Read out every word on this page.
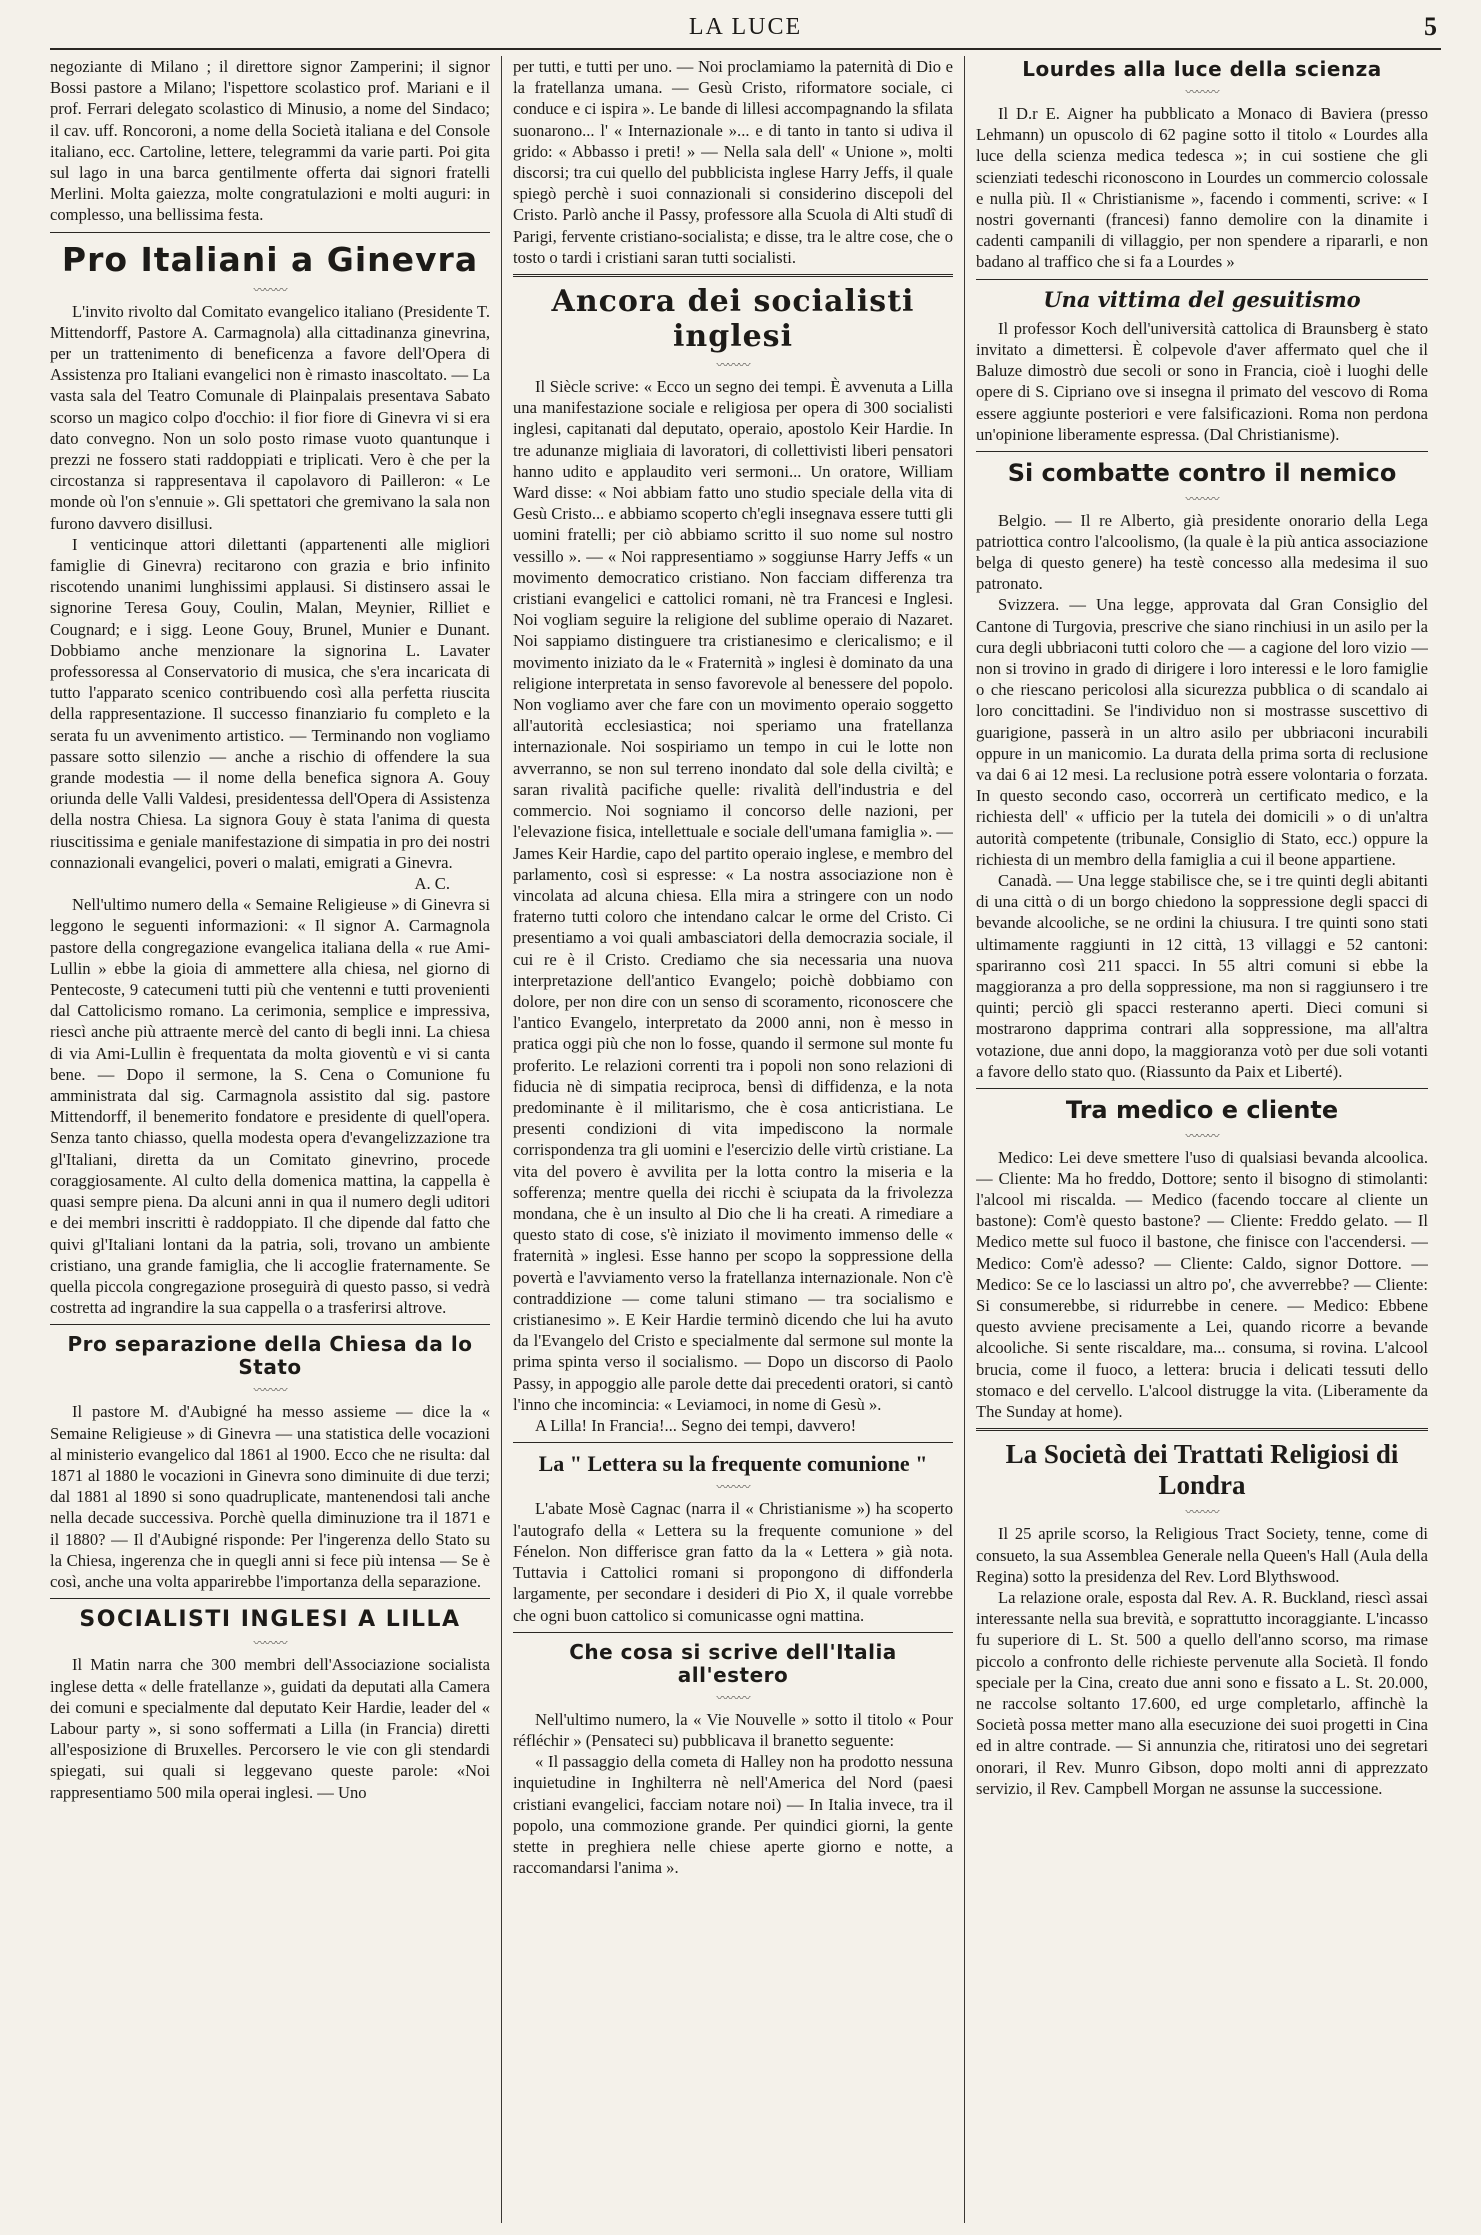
LA LUCE	5

negoziante di Milano ; il direttore signor Zamperini; il signor Bossi pastore a Milano; l'ispettore scolastico prof. Mariani e il prof. Ferrari delegato scolastico di Minusio, a nome del Sindaco; il cav. uff. Roncoroni, a nome della Società italiana e del Console italiano, ecc. Cartoline, lettere, telegrammi da varie parti. Poi gita sul lago in una barca gentilmente offerta dai signori fratelli Merlini. Molta gaiezza, molte congratulazioni e molti auguri: in complesso, una bellissima festa.

Pro Italiani a Ginevra
〰〰〰

L'invito rivolto dal Comitato evangelico italiano (Presidente T. Mittendorff, Pastore A. Carmagnola) alla cittadinanza ginevrina, per un trattenimento di beneficenza a favore dell'Opera di Assistenza pro Italiani evangelici non è rimasto inascoltato. — La vasta sala del Teatro Comunale di Plainpalais presentava Sabato scorso un magico colpo d'occhio: il fior fiore di Ginevra vi si era dato convegno. Non un solo posto rimase vuoto quantunque i prezzi ne fossero stati raddoppiati e triplicati. Vero è che per la circostanza si rappresentava il capolavoro di Pailleron: « Le monde où l'on s'ennuie ». Gli spettatori che gremivano la sala non furono davvero disillusi.

I venticinque attori dilettanti (appartenenti alle migliori famiglie di Ginevra) recitarono con grazia e brio infinito riscotendo unanimi lunghissimi applausi. Si distinsero assai le signorine Teresa Gouy, Coulin, Malan, Meynier, Rilliet e Cougnard; e i sigg. Leone Gouy, Brunel, Munier e Dunant. Dobbiamo anche menzionare la signorina L. Lavater professoressa al Conservatorio di musica, che s'era incaricata di tutto l'apparato scenico contribuendo così alla perfetta riuscita della rappresentazione. Il successo finanziario fu completo e la serata fu un avvenimento artistico. — Terminando non vogliamo passare sotto silenzio — anche a rischio di offendere la sua grande modestia — il nome della benefica signora A. Gouy oriunda delle Valli Valdesi, presidentessa dell'Opera di Assistenza della nostra Chiesa. La signora Gouy è stata l'anima di questa riuscitissima e geniale manifestazione di simpatia in pro dei nostri connazionali evangelici, poveri o malati, emigrati a Ginevra.

A. C.

Nell'ultimo numero della « Semaine Religieuse » di Ginevra si leggono le seguenti informazioni: « Il signor A. Carmagnola pastore della congregazione evangelica italiana della « rue Ami-Lullin » ebbe la gioia di ammettere alla chiesa, nel giorno di Pentecoste, 9 catecumeni tutti più che ventenni e tutti provenienti dal Cattolicismo romano. La cerimonia, semplice e impressiva, riescì anche più attraente mercè del canto di begli inni. La chiesa di via Ami-Lullin è frequentata da molta gioventù e vi si canta bene. — Dopo il sermone, la S. Cena o Comunione fu amministrata dal sig. Carmagnola assistito dal sig. pastore Mittendorff, il benemerito fondatore e presidente di quell'opera. Senza tanto chiasso, quella modesta opera d'evangelizzazione tra gl'Italiani, diretta da un Comitato ginevrino, procede coraggiosamente. Al culto della domenica mattina, la cappella è quasi sempre piena. Da alcuni anni in qua il numero degli uditori e dei membri inscritti è raddoppiato. Il che dipende dal fatto che quivi gl'Italiani lontani da la patria, soli, trovano un ambiente cristiano, una grande famiglia, che li accoglie fraternamente. Se quella piccola congregazione proseguirà di questo passo, si vedrà costretta ad ingrandire la sua cappella o a trasferirsi altrove.

Pro separazione della Chiesa da lo Stato
〰〰〰

Il pastore M. d'Aubigné ha messo assieme — dice la « Semaine Religieuse » di Ginevra — una statistica delle vocazioni al ministerio evangelico dal 1861 al 1900. Ecco che ne risulta: dal 1871 al 1880 le vocazioni in Ginevra sono diminuite di due terzi; dal 1881 al 1890 si sono quadruplicate, mantenendosi tali anche nella decade successiva. Porchè quella diminuzione tra il 1871 e il 1880? — Il d'Aubigné risponde: Per l'ingerenza dello Stato su la Chiesa, ingerenza che in quegli anni si fece più intensa — Se è così, anche una volta apparirebbe l'importanza della separazione.

SOCIALISTI INGLESI A LILLA
〰〰〰

Il Matin narra che 300 membri dell'Associazione socialista inglese detta « delle fratellanze », guidati da deputati alla Camera dei comuni e specialmente dal deputato Keir Hardie, leader del « Labour party », si sono soffermati a Lilla (in Francia) diretti all'esposizione di Bruxelles. Percorsero le vie con gli stendardi spiegati, sui quali si leggevano queste parole: «Noi rappresentiamo 500 mila operai inglesi. — Uno

per tutti, e tutti per uno. — Noi proclamiamo la paternità di Dio e la fratellanza umana. — Gesù Cristo, riformatore sociale, ci conduce e ci ispira ». Le bande di lillesi accompagnando la sfilata suonarono... l' « Internazionale »... e di tanto in tanto si udiva il grido: « Abbasso i preti! » — Nella sala dell' « Unione », molti discorsi; tra cui quello del pubblicista inglese Harry Jeffs, il quale spiegò perchè i suoi connazionali si considerino discepoli del Cristo. Parlò anche il Passy, professore alla Scuola di Alti studî di Parigi, fervente cristiano-socialista; e disse, tra le altre cose, che o tosto o tardi i cristiani saran tutti socialisti.

Ancora dei socialisti inglesi
〰〰〰

Il Siècle scrive: « Ecco un segno dei tempi. È avvenuta a Lilla una manifestazione sociale e religiosa per opera di 300 socialisti inglesi, capitanati dal deputato, operaio, apostolo Keir Hardie. In tre adunanze migliaia di lavoratori, di collettivisti liberi pensatori hanno udito e applaudito veri sermoni... Un oratore, William Ward disse: « Noi abbiam fatto uno studio speciale della vita di Gesù Cristo... e abbiamo scoperto ch'egli insegnava essere tutti gli uomini fratelli; per ciò abbiamo scritto il suo nome sul nostro vessillo ». — « Noi rappresentiamo » soggiunse Harry Jeffs « un movimento democratico cristiano. Non facciam differenza tra cristiani evangelici e cattolici romani, nè tra Francesi e Inglesi. Noi vogliam seguire la religione del sublime operaio di Nazaret. Noi sappiamo distinguere tra cristianesimo e clericalismo; e il movimento iniziato da le « Fraternità » inglesi è dominato da una religione interpretata in senso favorevole al benessere del popolo. Non vogliamo aver che fare con un movimento operaio soggetto all'autorità ecclesiastica; noi speriamo una fratellanza internazionale. Noi sospiriamo un tempo in cui le lotte non avverranno, se non sul terreno inondato dal sole della civiltà; e saran rivalità pacifiche quelle: rivalità dell'industria e del commercio. Noi sogniamo il concorso delle nazioni, per l'elevazione fisica, intellettuale e sociale dell'umana famiglia ». — James Keir Hardie, capo del partito operaio inglese, e membro del parlamento, così si espresse: « La nostra associazione non è vincolata ad alcuna chiesa. Ella mira a stringere con un nodo fraterno tutti coloro che intendano calcar le orme del Cristo. Ci presentiamo a voi quali ambasciatori della democrazia sociale, il cui re è il Cristo. Crediamo che sia necessaria una nuova interpretazione dell'antico Evangelo; poichè dobbiamo con dolore, per non dire con un senso di scoramento, riconoscere che l'antico Evangelo, interpretato da 2000 anni, non è messo in pratica oggi più che non lo fosse, quando il sermone sul monte fu proferito. Le relazioni correnti tra i popoli non sono relazioni di fiducia nè di simpatia reciproca, bensì di diffidenza, e la nota predominante è il militarismo, che è cosa anticristiana. Le presenti condizioni di vita impediscono la normale corrispondenza tra gli uomini e l'esercizio delle virtù cristiane. La vita del povero è avvilita per la lotta contro la miseria e la sofferenza; mentre quella dei ricchi è sciupata da la frivolezza mondana, che è un insulto al Dio che li ha creati. A rimediare a questo stato di cose, s'è iniziato il movimento immenso delle « fraternità » inglesi. Esse hanno per scopo la soppressione della povertà e l'avviamento verso la fratellanza internazionale. Non c'è contraddizione — come taluni stimano — tra socialismo e cristianesimo ». E Keir Hardie terminò dicendo che lui ha avuto da l'Evangelo del Cristo e specialmente dal sermone sul monte la prima spinta verso il socialismo. — Dopo un discorso di Paolo Passy, in appoggio alle parole dette dai precedenti oratori, si cantò l'inno che incomincia: « Leviamoci, in nome di Gesù ».

A Lilla! In Francia!... Segno dei tempi, davvero!

La " Lettera su la frequente comunione "
〰〰〰

L'abate Mosè Cagnac (narra il « Christianisme ») ha scoperto l'autografo della « Lettera su la frequente comunione » del Fénelon. Non differisce gran fatto da la « Lettera » già nota. Tuttavia i Cattolici romani si propongono di diffonderla largamente, per secondare i desideri di Pio X, il quale vorrebbe che ogni buon cattolico si comunicasse ogni mattina.

Che cosa si scrive dell'Italia all'estero
〰〰〰

Nell'ultimo numero, la « Vie Nouvelle » sotto il titolo « Pour réfléchir » (Pensateci su) pubblicava il branetto seguente:

« Il passaggio della cometa di Halley non ha prodotto nessuna inquietudine in Inghilterra nè nell'America del Nord (paesi cristiani evangelici, facciam notare noi) — In Italia invece, tra il popolo, una commozione grande. Per quindici giorni, la gente stette in preghiera nelle chiese aperte giorno e notte, a raccomandarsi l'anima ».

Lourdes alla luce della scienza
〰〰〰

Il D.r E. Aigner ha pubblicato a Monaco di Baviera (presso Lehmann) un opuscolo di 62 pagine sotto il titolo « Lourdes alla luce della scienza medica tedesca »; in cui sostiene che gli scienziati tedeschi riconoscono in Lourdes un commercio colossale e nulla più. Il « Christianisme », facendo i commenti, scrive: « I nostri governanti (francesi) fanno demolire con la dinamite i cadenti campanili di villaggio, per non spendere a ripararli, e non badano al traffico che si fa a Lourdes »

Una vittima del gesuitismo

Il professor Koch dell'università cattolica di Braunsberg è stato invitato a dimettersi. È colpevole d'aver affermato quel che il Baluze dimostrò due secoli or sono in Francia, cioè i luoghi delle opere di S. Cipriano ove si insegna il primato del vescovo di Roma essere aggiunte posteriori e vere falsificazioni. Roma non perdona un'opinione liberamente espressa. (Dal Christianisme).

Si combatte contro il nemico
〰〰〰

Belgio. — Il re Alberto, già presidente onorario della Lega patriottica contro l'alcoolismo, (la quale è la più antica associazione belga di questo genere) ha testè concesso alla medesima il suo patronato.

Svizzera. — Una legge, approvata dal Gran Consiglio del Cantone di Turgovia, prescrive che siano rinchiusi in un asilo per la cura degli ubbriaconi tutti coloro che — a cagione del loro vizio — non si trovino in grado di dirigere i loro interessi e le loro famiglie o che riescano pericolosi alla sicurezza pubblica o di scandalo ai loro concittadini. Se l'individuo non si mostrasse suscettivo di guarigione, passerà in un altro asilo per ubbriaconi incurabili oppure in un manicomio. La durata della prima sorta di reclusione va dai 6 ai 12 mesi. La reclusione potrà essere volontaria o forzata. In questo secondo caso, occorrerà un certificato medico, e la richiesta dell' « ufficio per la tutela dei domicili » o di un'altra autorità competente (tribunale, Consiglio di Stato, ecc.) oppure la richiesta di un membro della famiglia a cui il beone appartiene.

Canadà. — Una legge stabilisce che, se i tre quinti degli abitanti di una città o di un borgo chiedono la soppressione degli spacci di bevande alcooliche, se ne ordini la chiusura. I tre quinti sono stati ultimamente raggiunti in 12 città, 13 villaggi e 52 cantoni: spariranno così 211 spacci. In 55 altri comuni si ebbe la maggioranza a pro della soppressione, ma non si raggiunsero i tre quinti; perciò gli spacci resteranno aperti. Dieci comuni si mostrarono dapprima contrari alla soppressione, ma all'altra votazione, due anni dopo, la maggioranza votò per due soli votanti a favore dello stato quo. (Riassunto da Paix et Liberté).

Tra medico e cliente
〰〰〰

Medico: Lei deve smettere l'uso di qualsiasi bevanda alcoolica. — Cliente: Ma ho freddo, Dottore; sento il bisogno di stimolanti: l'alcool mi riscalda. — Medico (facendo toccare al cliente un bastone): Com'è questo bastone? — Cliente: Freddo gelato. — Il Medico mette sul fuoco il bastone, che finisce con l'accendersi. — Medico: Com'è adesso? — Cliente: Caldo, signor Dottore. — Medico: Se ce lo lasciassi un altro po', che avverrebbe? — Cliente: Si consumerebbe, si ridurrebbe in cenere. — Medico: Ebbene questo avviene precisamente a Lei, quando ricorre a bevande alcooliche. Si sente riscaldare, ma... consuma, si rovina. L'alcool brucia, come il fuoco, a lettera: brucia i delicati tessuti dello stomaco e del cervello. L'alcool distrugge la vita. (Liberamente da The Sunday at home).

La Società dei Trattati Religiosi di Londra
〰〰〰

Il 25 aprile scorso, la Religious Tract Society, tenne, come di consueto, la sua Assemblea Generale nella Queen's Hall (Aula della Regina) sotto la presidenza del Rev. Lord Blythswood.

La relazione orale, esposta dal Rev. A. R. Buckland, riescì assai interessante nella sua brevità, e soprattutto incoraggiante. L'incasso fu superiore di L. St. 500 a quello dell'anno scorso, ma rimase piccolo a confronto delle richieste pervenute alla Società. Il fondo speciale per la Cina, creato due anni sono e fissato a L. St. 20.000, ne raccolse soltanto 17.600, ed urge completarlo, affinchè la Società possa metter mano alla esecuzione dei suoi progetti in Cina ed in altre contrade. — Si annunzia che, ritiratosi uno dei segretari onorari, il Rev. Munro Gibson, dopo molti anni di apprezzato servizio, il Rev. Campbell Morgan ne assunse la successione.
